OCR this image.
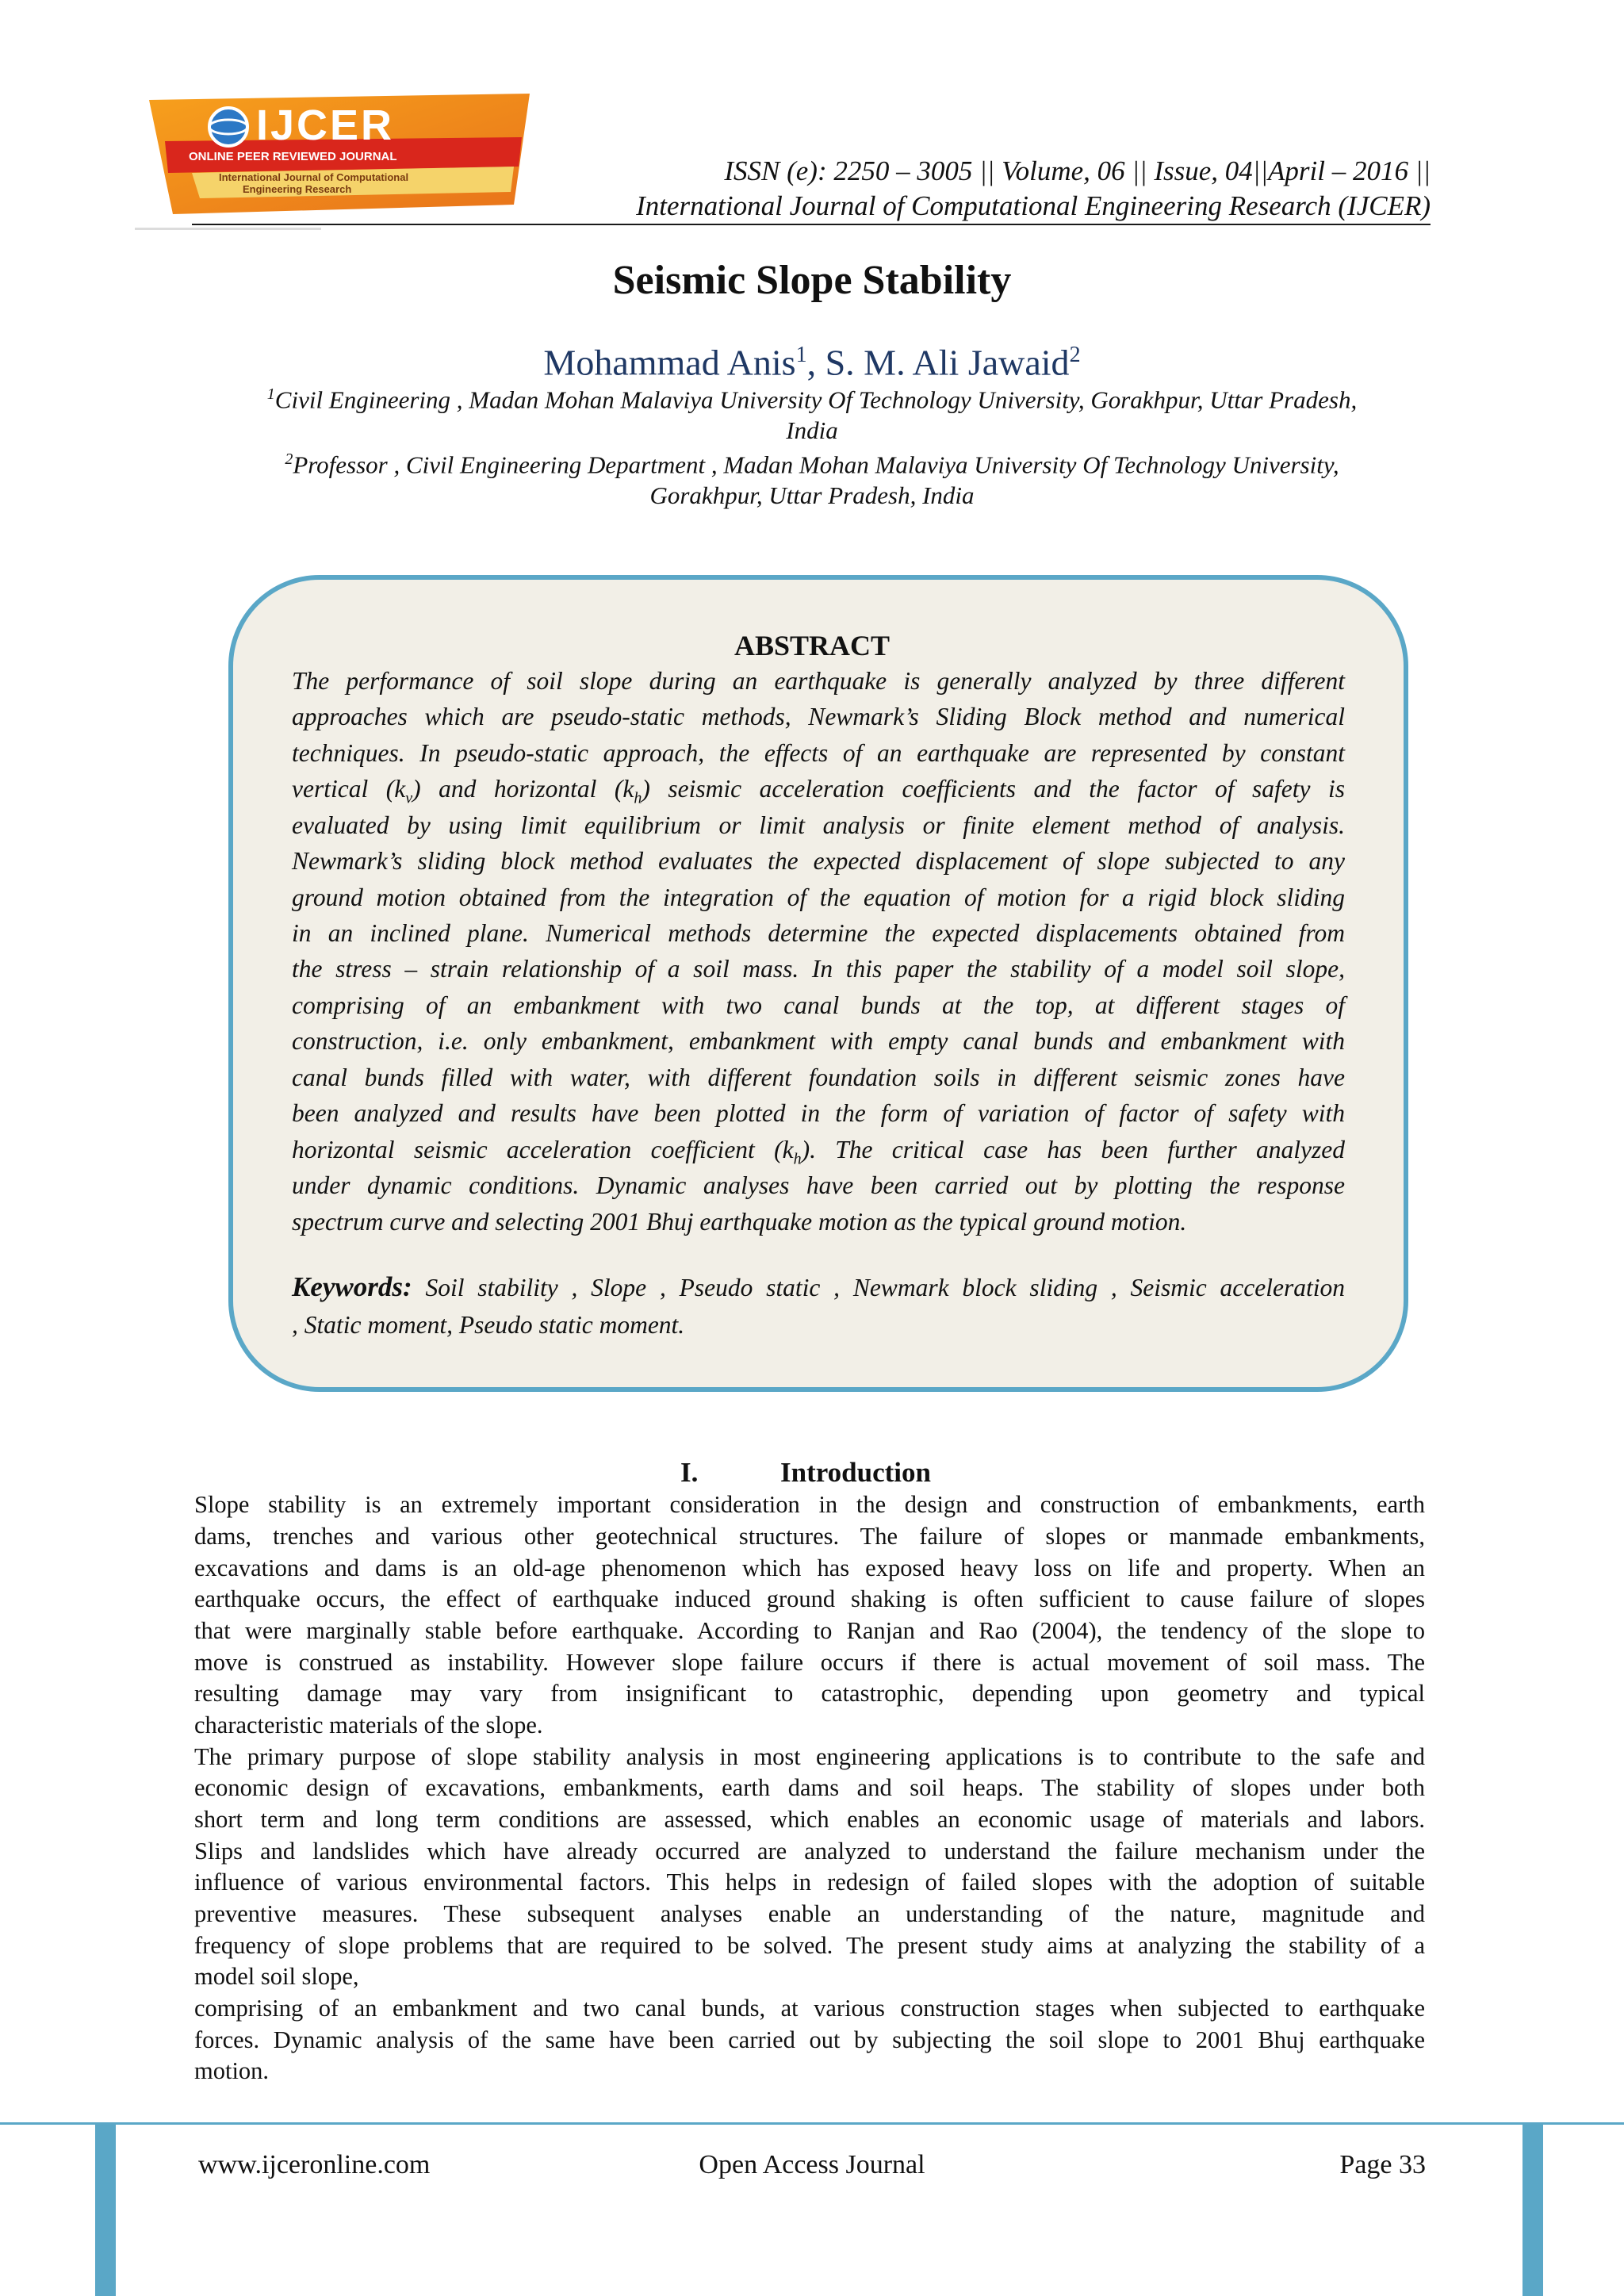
IJCER
ONLINE PEER REVIEWED JOURNAL
International Journal of Computational
Engineering Research
ISSN (e): 2250 – 3005 || Volume, 06 || Issue, 04||April – 2016 ||
International Journal of Computational Engineering Research (IJCER)
Seismic Slope Stability
Mohammad Anis$^1$, S. M. Ali Jawaid$^2$
$^1$Civil Engineering , Madan Mohan Malaviya University Of Technology University, Gorakhpur, Uttar Pradesh,
India
$^2$Professor , Civil Engineering Department , Madan Mohan Malaviya University Of Technology University,
Gorakhpur, Uttar Pradesh, India
ABSTRACT
The performance of soil slope during an earthquake is generally analyzed by three different
approaches which are pseudo-static methods, Newmark’s Sliding Block method and numerical
techniques. In pseudo-static approach, the effects of an earthquake are represented by constant
vertical $(k_v)$ and horizontal $(k_h)$ seismic acceleration coefficients and the factor of safety is
evaluated by using limit equilibrium or limit analysis or finite element method of analysis.
Newmark’s sliding block method evaluates the expected displacement of slope subjected to any
ground motion obtained from the integration of the equation of motion for a rigid block sliding
in an inclined plane. Numerical methods determine the expected displacements obtained from
the stress – strain relationship of a soil mass. In this paper the stability of a model soil slope,
comprising of an embankment with two canal bunds at the top, at different stages of
construction, i.e. only embankment, embankment with empty canal bunds and embankment with
canal bunds filled with water, with different foundation soils in different seismic zones have
been analyzed and results have been plotted in the form of variation of factor of safety with
horizontal seismic acceleration coefficient $(k_h)$. The critical case has been further analyzed
under dynamic conditions. Dynamic analyses have been carried out by plotting the response
spectrum curve and selecting 2001 Bhuj earthquake motion as the typical ground motion.
Keywords: Soil stability , Slope , Pseudo static , Newmark block sliding , Seismic acceleration
, Static moment, Pseudo static moment.
I.	Introduction
Slope stability is an extremely important consideration in the design and construction of embankments, earth
dams, trenches and various other geotechnical structures. The failure of slopes or manmade embankments,
excavations and dams is an old-age phenomenon which has exposed heavy loss on life and property. When an
earthquake occurs, the effect of earthquake induced ground shaking is often sufficient to cause failure of slopes
that were marginally stable before earthquake. According to Ranjan and Rao (2004), the tendency of the slope to
move is construed as instability. However slope failure occurs if there is actual movement of soil mass. The
resulting damage may vary from insignificant to catastrophic, depending upon geometry and typical
characteristic materials of the slope.
The primary purpose of slope stability analysis in most engineering applications is to contribute to the safe and
economic design of excavations, embankments, earth dams and soil heaps. The stability of slopes under both
short term and long term conditions are assessed, which enables an economic usage of materials and labors.
Slips and landslides which have already occurred are analyzed to understand the failure mechanism under the
influence of various environmental factors. This helps in redesign of failed slopes with the adoption of suitable
preventive measures. These subsequent analyses enable an understanding of the nature, magnitude and
frequency of slope problems that are required to be solved. The present study aims at analyzing the stability of a
model soil slope,
comprising of an embankment and two canal bunds, at various construction stages when subjected to earthquake
forces. Dynamic analysis of the same have been carried out by subjecting the soil slope to 2001 Bhuj earthquake
motion.
www.ijceronline.com	Open Access Journal	Page 33
